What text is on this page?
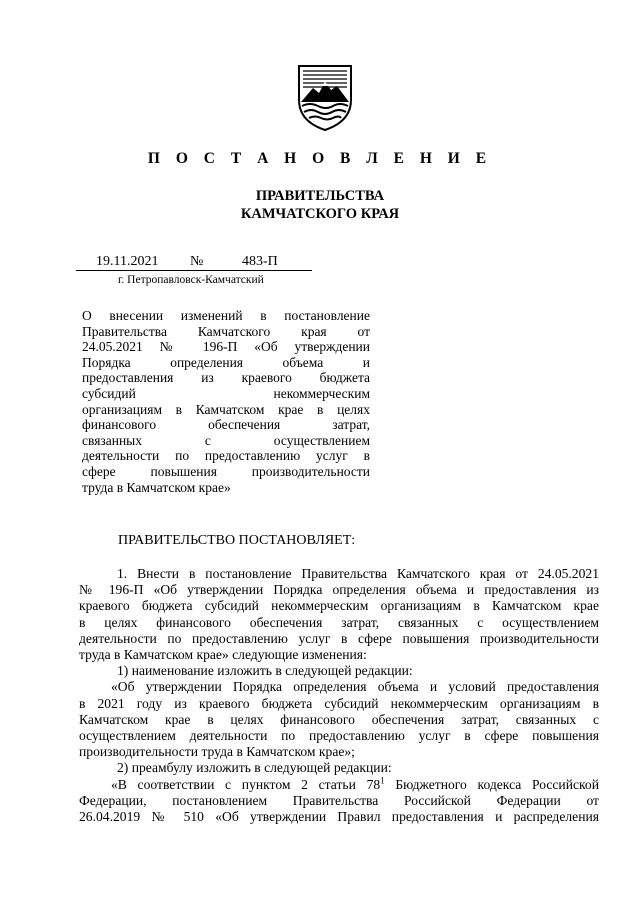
П О С Т А Н О В Л Е Н И Е
ПРАВИТЕЛЬСТВА
КАМЧАТСКОГО КРАЯ
19.11.2021 №	483-П
г. Петропавловск-Камчатский
О внесении изменений в постановление
Правительства Камчатского края от
24.05.2021 № 196-П «Об утверждении
Порядка определения объема и
предоставления из краевого бюджета
субсидий некоммерческим
организациям в Камчатском крае в целях
финансового обеспечения затрат,
связанных с осуществлением
деятельности по предоставлению услуг в
сфере повышения производительности
труда в Камчатском крае»
ПРАВИТЕЛЬСТВО ПОСТАНОВЛЯЕТ:
1. Внести в постановление Правительства Камчатского края от 24.05.2021
№ 196-П «Об утверждении Порядка определения объема и предоставления из
краевого бюджета субсидий некоммерческим организациям в Камчатском крае
в целях финансового обеспечения затрат, связанных с осуществлением
деятельности по предоставлению услуг в сфере повышения производительности
труда в Камчатском крае» следующие изменения:
1) наименование изложить в следующей редакции:
«Об утверждении Порядка определения объема и условий предоставления
в 2021 году из краевого бюджета субсидий некоммерческим организациям в
Камчатском крае в целях финансового обеспечения затрат, связанных с
осуществлением деятельности по предоставлению услуг в сфере повышения
производительности труда в Камчатском крае»;
2) преамбулу изложить в следующей редакции:
«В соответствии с пунктом 2 статьи $78^1$ Бюджетного кодекса Российской
Федерации, постановлением Правительства Российской Федерации от
26.04.2019 № 510 «Об утверждении Правил предоставления и распределения
